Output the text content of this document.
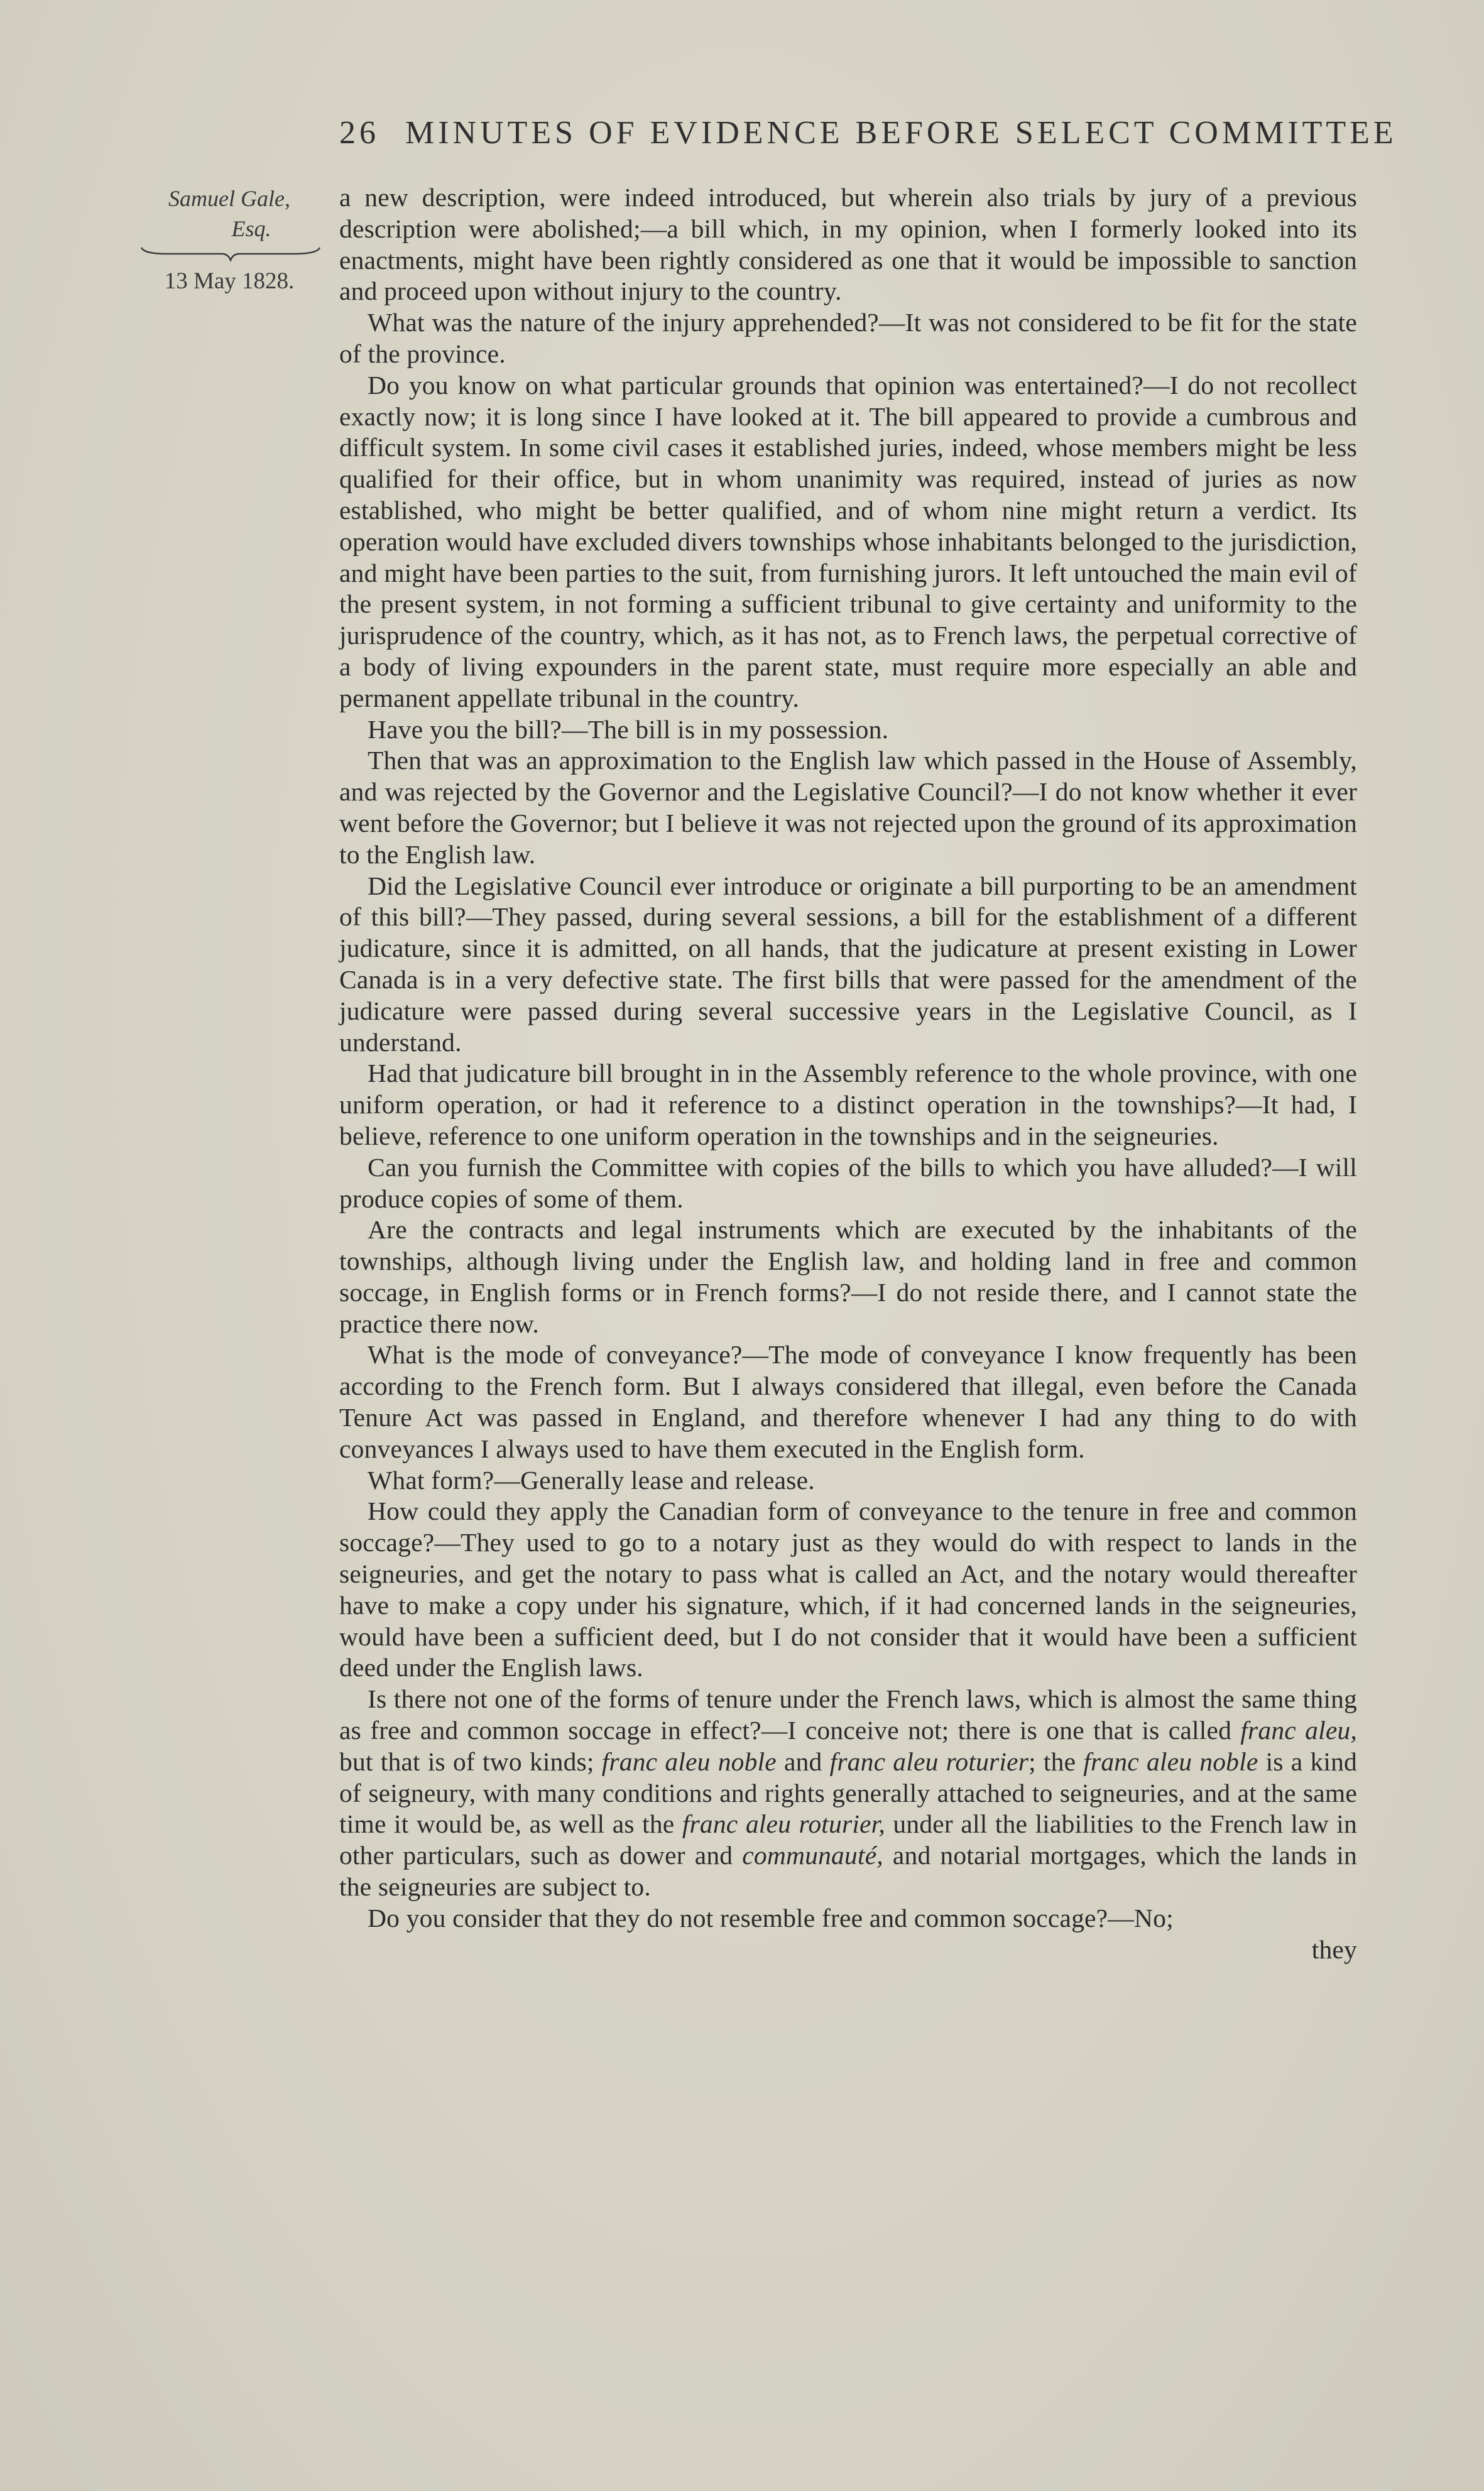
26 MINUTES OF EVIDENCE BEFORE SELECT COMMITTEE
Samuel Gale,
Esq.
13 May 1828.

a new description, were indeed introduced, but wherein also trials by jury of a previous description were abolished;—a bill which, in my opinion, when I formerly looked into its enactments, might have been rightly considered as one that it would be impossible to sanction and proceed upon without injury to the country.

What was the nature of the injury apprehended?—It was not considered to be fit for the state of the province.

Do you know on what particular grounds that opinion was entertained?—I do not recollect exactly now; it is long since I have looked at it. The bill appeared to provide a cumbrous and difficult system. In some civil cases it established juries, indeed, whose members might be less qualified for their office, but in whom unanimity was required, instead of juries as now established, who might be better qualified, and of whom nine might return a verdict. Its operation would have excluded divers townships whose inhabitants belonged to the jurisdiction, and might have been parties to the suit, from furnishing jurors. It left untouched the main evil of the present system, in not forming a sufficient tribunal to give certainty and uniformity to the jurisprudence of the country, which, as it has not, as to French laws, the perpetual corrective of a body of living expounders in the parent state, must require more especially an able and permanent appellate tribunal in the country.

Have you the bill?—The bill is in my possession.

Then that was an approximation to the English law which passed in the House of Assembly, and was rejected by the Governor and the Legislative Council?—I do not know whether it ever went before the Governor; but I believe it was not rejected upon the ground of its approximation to the English law.

Did the Legislative Council ever introduce or originate a bill purporting to be an amendment of this bill?—They passed, during several sessions, a bill for the establishment of a different judicature, since it is admitted, on all hands, that the judicature at present existing in Lower Canada is in a very defective state. The first bills that were passed for the amendment of the judicature were passed during several successive years in the Legislative Council, as I understand.

Had that judicature bill brought in in the Assembly reference to the whole province, with one uniform operation, or had it reference to a distinct operation in the townships?—It had, I believe, reference to one uniform operation in the townships and in the seigneuries.

Can you furnish the Committee with copies of the bills to which you have alluded?—I will produce copies of some of them.

Are the contracts and legal instruments which are executed by the inhabitants of the townships, although living under the English law, and holding land in free and common soccage, in English forms or in French forms?—I do not reside there, and I cannot state the practice there now.

What is the mode of conveyance?—The mode of conveyance I know frequently has been according to the French form. But I always considered that illegal, even before the Canada Tenure Act was passed in England, and therefore whenever I had any thing to do with conveyances I always used to have them executed in the English form.

What form?—Generally lease and release.

How could they apply the Canadian form of conveyance to the tenure in free and common soccage?—They used to go to a notary just as they would do with respect to lands in the seigneuries, and get the notary to pass what is called an Act, and the notary would thereafter have to make a copy under his signature, which, if it had concerned lands in the seigneuries, would have been a sufficient deed, but I do not consider that it would have been a sufficient deed under the English laws.

Is there not one of the forms of tenure under the French laws, which is almost the same thing as free and common soccage in effect?—I conceive not; there is one that is called franc aleu, but that is of two kinds; franc aleu noble and franc aleu roturier; the franc aleu noble is a kind of seigneury, with many conditions and rights generally attached to seigneuries, and at the same time it would be, as well as the franc aleu roturier, under all the liabilities to the French law in other particulars, such as dower and communauté, and notarial mortgages, which the lands in the seigneuries are subject to.

Do you consider that they do not resemble free and common soccage?—No;

they
